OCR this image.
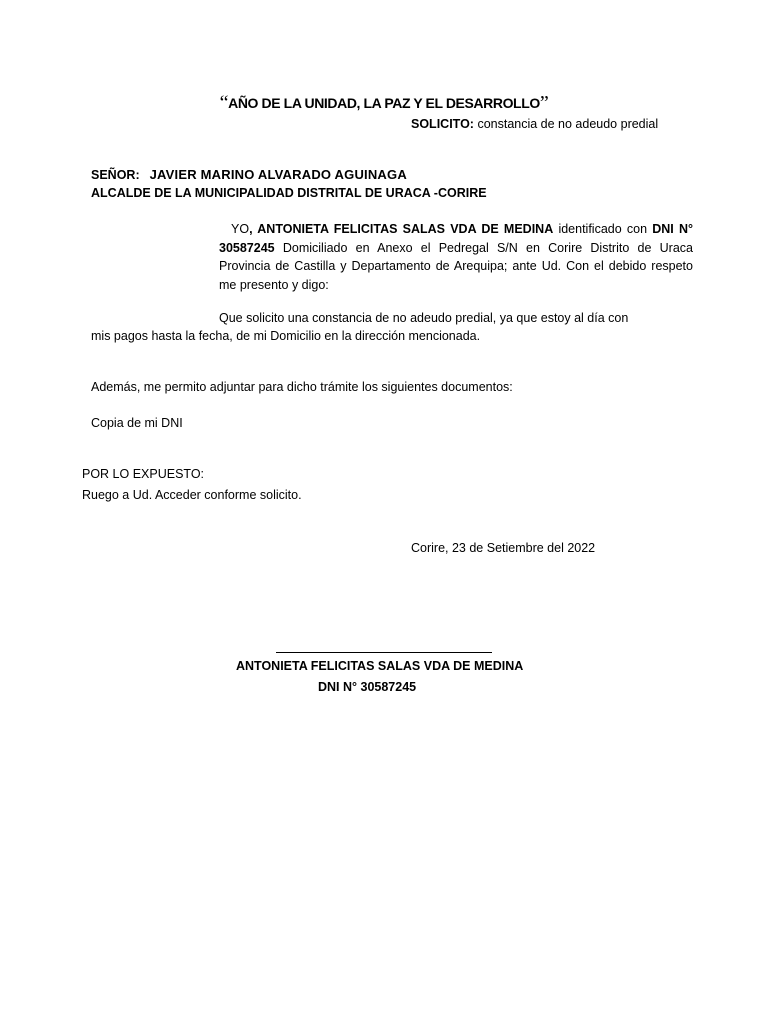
“AÑO DE LA UNIDAD, LA PAZ Y EL DESARROLLO”
SOLICITO: constancia de no adeudo predial
SEÑOR: JAVIER MARINO ALVARADO AGUINAGA
ALCALDE DE LA MUNICIPALIDAD DISTRITAL DE URACA -CORIRE
YO, ANTONIETA FELICITAS SALAS VDA DE MEDINA identificado con DNI N° 30587245 Domiciliado en Anexo el Pedregal S/N en Corire Distrito de Uraca Provincia de Castilla y Departamento de Arequipa; ante Ud. Con el debido respeto me presento y digo:
Que solicito una constancia de no adeudo predial, ya que estoy al día con
mis pagos hasta la fecha, de mi Domicilio en la dirección mencionada.
Además, me permito adjuntar para dicho trámite los siguientes documentos:
Copia de mi DNI
POR LO EXPUESTO:
Ruego a Ud. Acceder conforme solicito.
Corire, 23 de Setiembre del 2022
ANTONIETA FELICITAS SALAS VDA DE MEDINA
DNI N° 30587245
